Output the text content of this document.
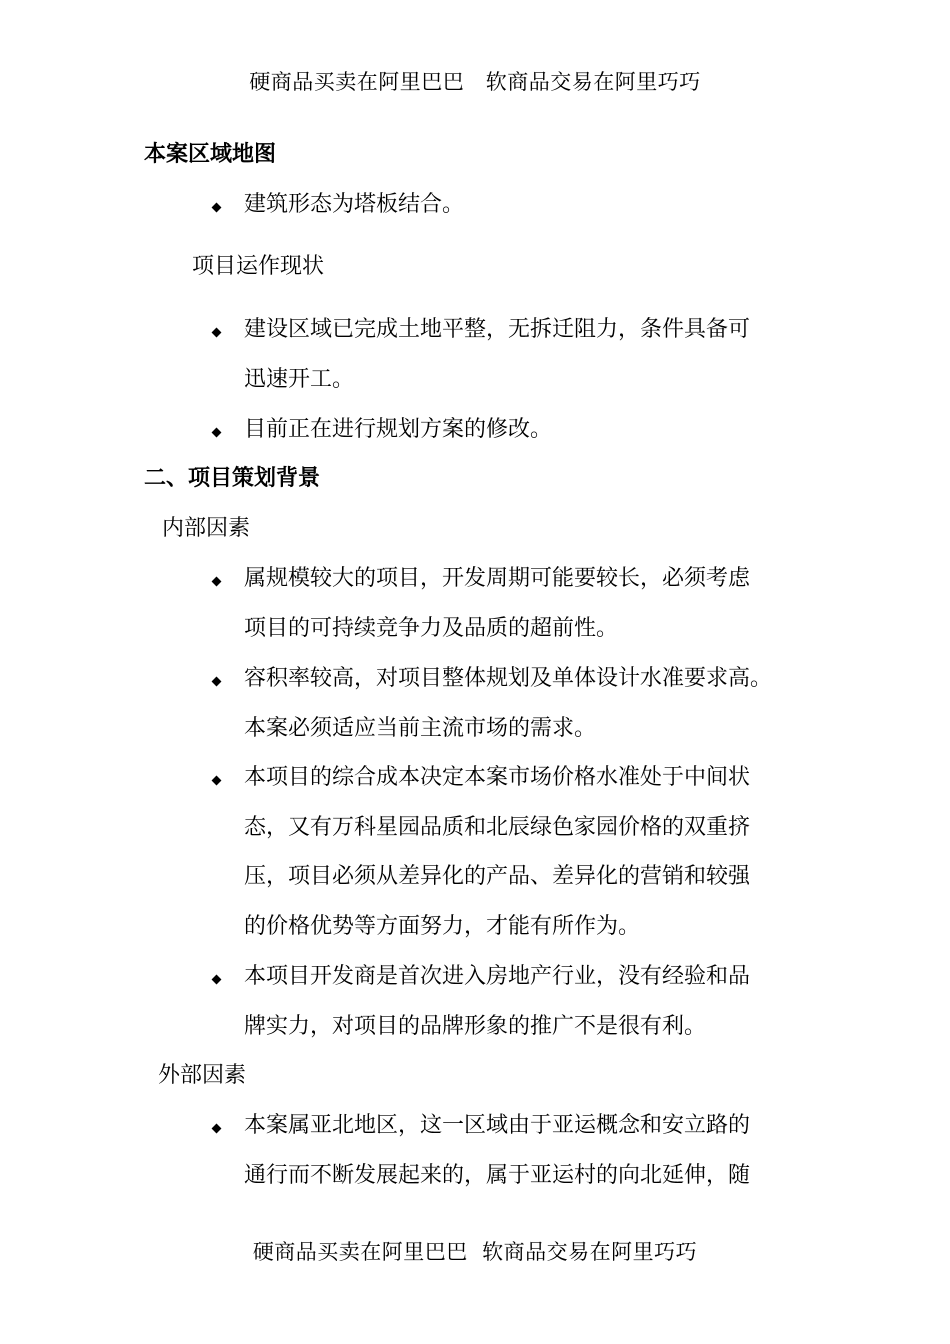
硬商品买卖在阿里巴巴　软商品交易在阿里巧巧
本案区域地图
建筑形态为塔板结合。
项目运作现状
建设区域已完成土地平整，无拆迁阻力，条件具备可
迅速开工。
目前正在进行规划方案的修改。
二、项目策划背景
内部因素
属规模较大的项目，开发周期可能要较长，必须考虑
项目的可持续竞争力及品质的超前性。
容积率较高，对项目整体规划及单体设计水准要求高。
本案必须适应当前主流市场的需求。
本项目的综合成本决定本案市场价格水准处于中间状
态，又有万科星园品质和北辰绿色家园价格的双重挤
压，项目必须从差异化的产品、差异化的营销和较强
的价格优势等方面努力，才能有所作为。
本项目开发商是首次进入房地产行业，没有经验和品
牌实力，对项目的品牌形象的推广不是很有利。
外部因素
本案属亚北地区，这一区域由于亚运概念和安立路的
通行而不断发展起来的，属于亚运村的向北延伸，随
硬商品买卖在阿里巴巴  软商品交易在阿里巧巧
